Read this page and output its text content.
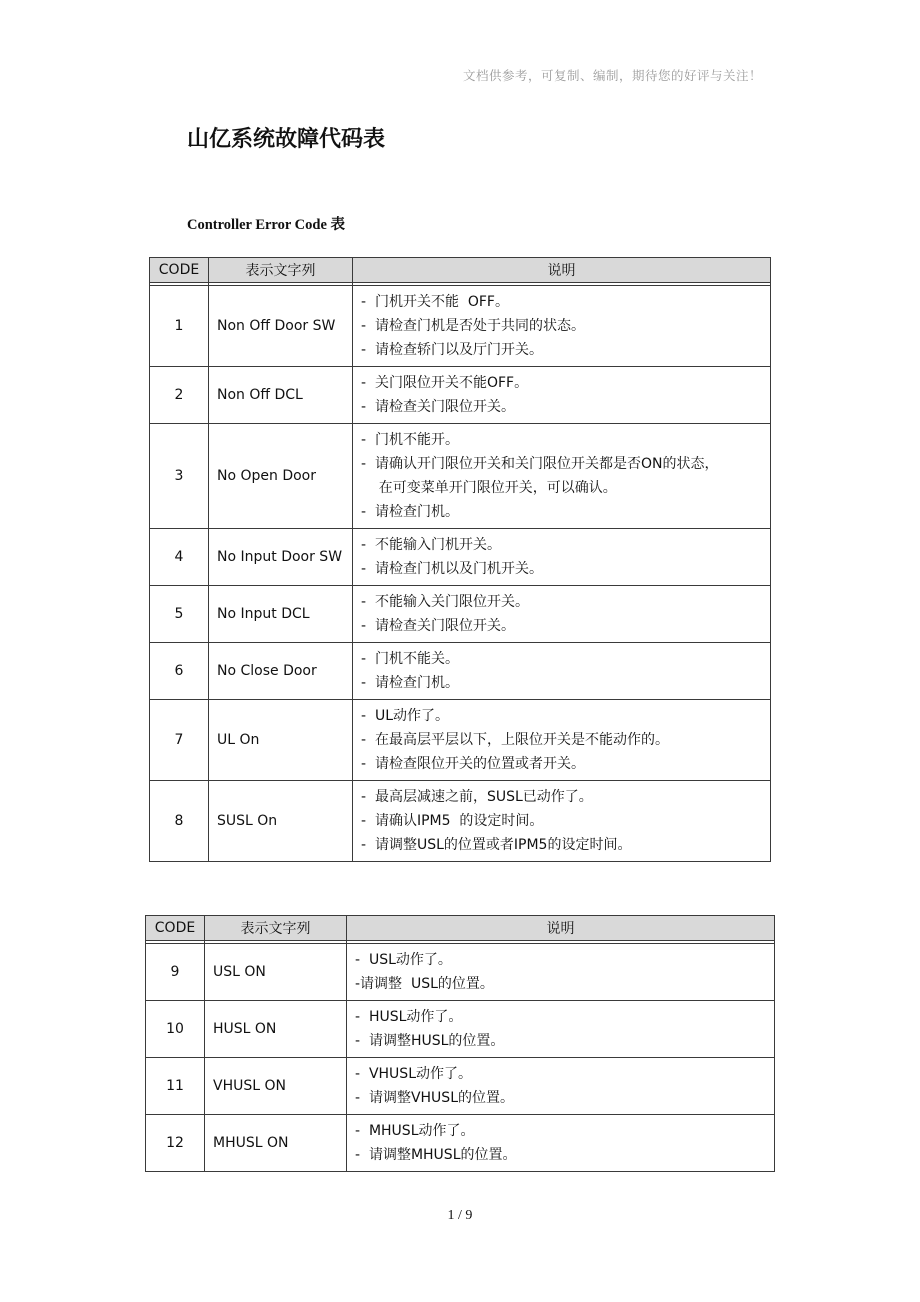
文档供参考，可复制、编制，期待您的好评与关注！
山亿系统故障代码表
Controller Error Code 表
CODE	表示文字列	说明

1	Non Off Door SW	-  门机开关不能  OFF。
-  请检查门机是否处于共同的状态。
-  请检查轿门以及厅门开关。

2	Non Off DCL	-  关门限位开关不能OFF。
-  请检查关门限位开关。

3	No Open Door	-  门机不能开。
-  请确认开门限位开关和关门限位开关都是否ON的状态，
在可变菜单开门限位开关，可以确认。
-  请检查门机。

4	No Input Door SW	-  不能输入门机开关。
-  请检查门机以及门机开关。

5	No Input DCL	-  不能输入关门限位开关。
-  请检查关门限位开关。

6	No Close Door	-  门机不能关。
-  请检查门机。

7	UL On	-  UL动作了。
-  在最高层平层以下，上限位开关是不能动作的。
-  请检查限位开关的位置或者开关。

8	SUSL On	-  最高层减速之前，SUSL已动作了。
-  请确认IPM5  的设定时间。
-  请调整USL的位置或者IPM5的设定时间。
CODE	表示文字列	说明

9	USL ON	-  USL动作了。
-请调整  USL的位置。

10	HUSL ON	-  HUSL动作了。
-  请调整HUSL的位置。

11	VHUSL ON	-  VHUSL动作了。
-  请调整VHUSL的位置。

12	MHUSL ON	-  MHUSL动作了。
-  请调整MHUSL的位置。
1 / 9
